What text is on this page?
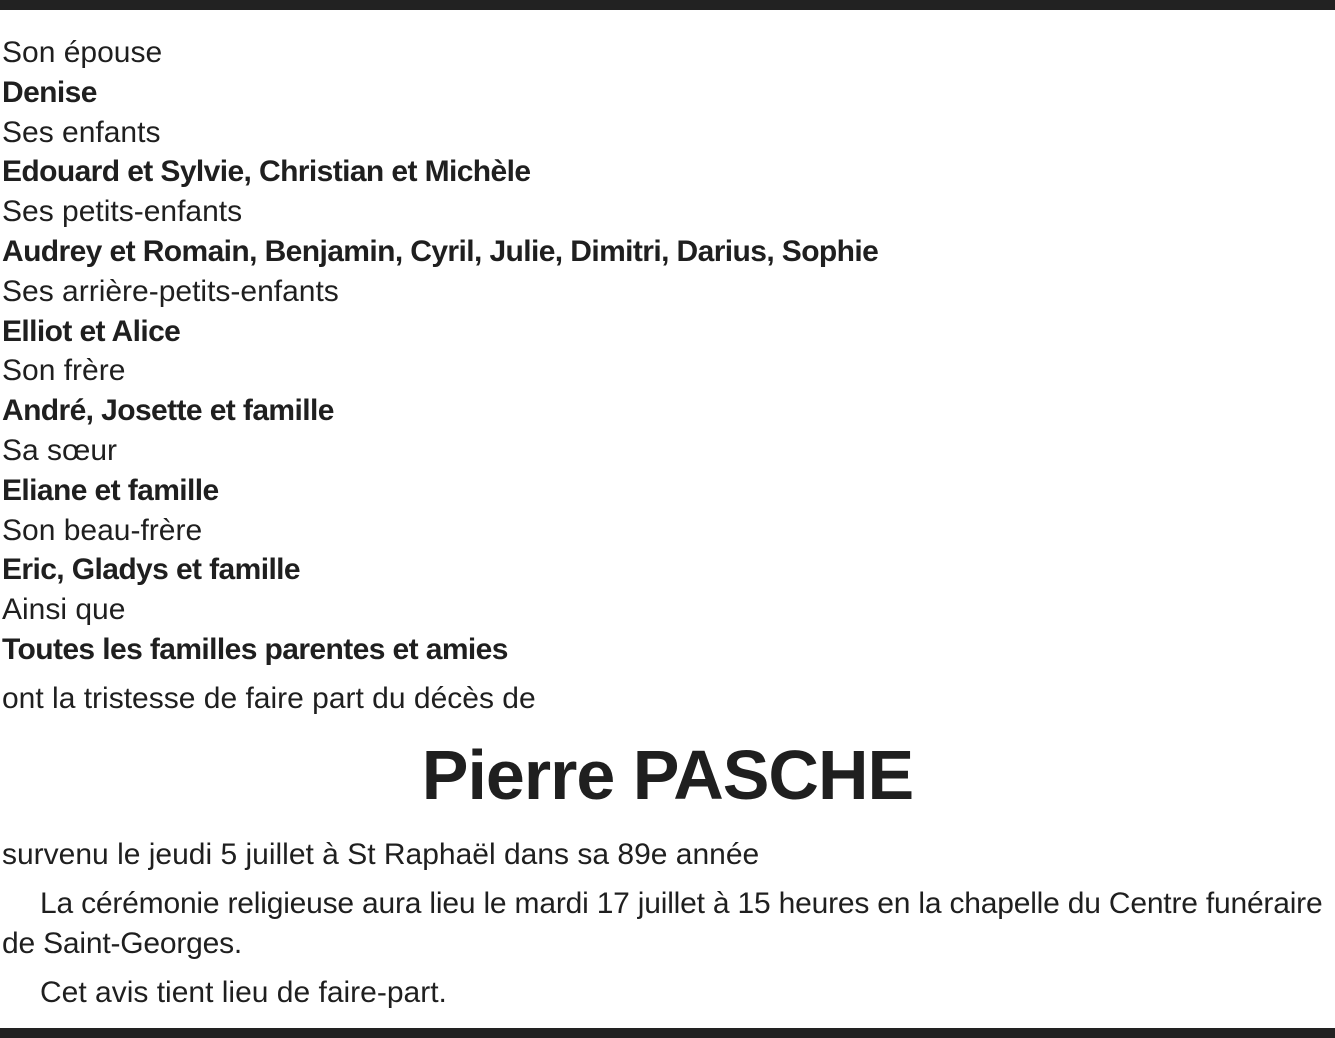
Son épouse
Denise
Ses enfants
Edouard et Sylvie, Christian et Michèle
Ses petits-enfants
Audrey et Romain, Benjamin, Cyril, Julie, Dimitri, Darius, Sophie
Ses arrière-petits-enfants
Elliot et Alice
Son frère
André, Josette et famille
Sa sœur
Eliane et famille
Son beau-frère
Eric, Gladys et famille
Ainsi que
Toutes les familles parentes et amies
ont la tristesse de faire part du décès de
Pierre PASCHE
survenu le jeudi 5 juillet à St Raphaël dans sa 89e année

La cérémonie religieuse aura lieu le mardi 17 juillet à 15 heures en la chapelle du Centre funéraire de Saint-Georges.

Cet avis tient lieu de faire-part.
